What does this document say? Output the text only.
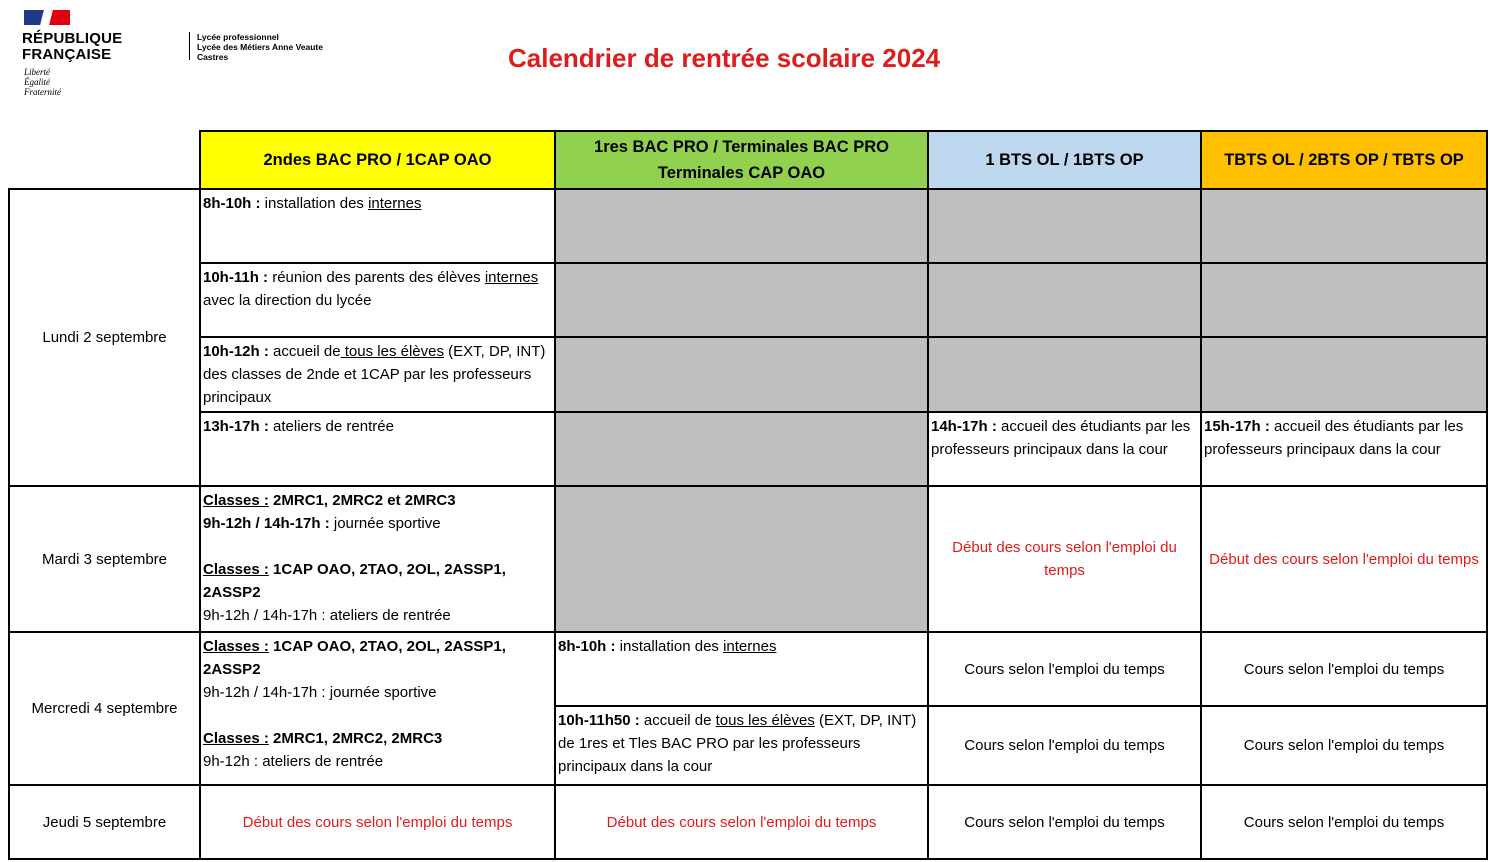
RÉPUBLIQUE
FRANÇAISE
Liberté
Égalité
Fraternité
Lycée professionnel
Lycée des Métiers Anne Veaute
Castres	Calendrier de rentrée scolaire 2024
	2ndes BAC PRO / 1CAP OAO	1res BAC PRO / Terminales BAC PRO Terminales CAP OAO	1 BTS OL / 1BTS OP	TBTS OL / 2BTS OP / TBTS OP
Lundi 2 septembre	8h-10h : installation des internes			
	10h-11h : réunion des parents des élèves internes avec la direction du lycée			
	10h-12h : accueil de tous les élèves (EXT, DP, INT) des classes de 2nde et 1CAP par les professeurs principaux			
	13h-17h : ateliers de rentrée		14h-17h : accueil des étudiants par les professeurs principaux dans la cour	15h-17h : accueil des étudiants par les professeurs principaux dans la cour
Mardi 3 septembre	Classes : 2MRC1, 2MRC2 et 2MRC3
9h-12h / 14h-17h : journée sportive
Classes : 1CAP OAO, 2TAO, 2OL, 2ASSP1, 2ASSP2
9h-12h / 14h-17h : ateliers de rentrée		Début des cours selon l'emploi du temps	Début des cours selon l'emploi du temps
Mercredi 4 septembre	Classes : 1CAP OAO, 2TAO, 2OL, 2ASSP1, 2ASSP2
9h-12h / 14h-17h : journée sportive
Classes : 2MRC1, 2MRC2, 2MRC3
9h-12h : ateliers de rentrée	8h-10h : installation des internes	Cours selon l'emploi du temps	Cours selon l'emploi du temps
		10h-11h50 : accueil de tous les élèves (EXT, DP, INT) de 1res et Tles BAC PRO par les professeurs principaux dans la cour	Cours selon l'emploi du temps	Cours selon l'emploi du temps
Jeudi 5 septembre	Début des cours selon l'emploi du temps	Début des cours selon l'emploi du temps	Cours selon l'emploi du temps	Cours selon l'emploi du temps
